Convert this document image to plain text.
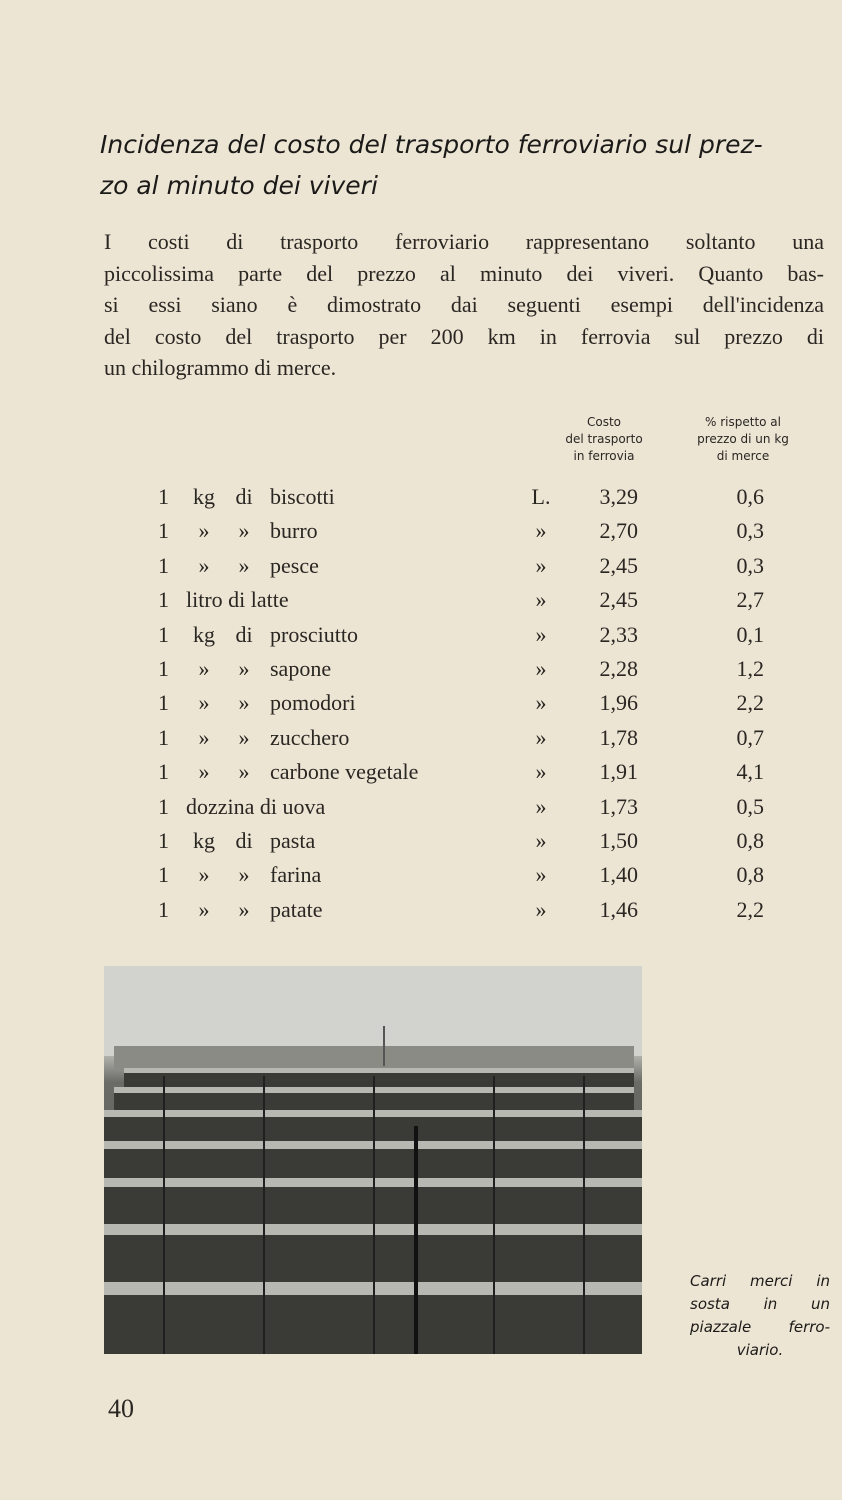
Incidenza del costo del trasporto ferroviario sul prez-
zo al minuto dei viveri

I costi di trasporto ferroviario rappresentano soltanto una
piccolissima parte del prezzo al minuto dei viveri. Quanto bas-
si essi siano è dimostrato dai seguenti esempi dell'incidenza
del costo del trasporto per 200 km in ferrovia sul prezzo di
un chilogrammo di merce.

Costo
del trasporto
in ferrovia
% rispetto al
prezzo di un kg
di merce
1	kg di biscotti	L. 3,29	0,6
1	»	» burro	»	2,70	0,3
1	»	» pesce	»	2,45	0,3
1 litro di latte	»	2,45	2,7
1	kg di prosciutto	»	2,33	0,1
1	»	» sapone	»	2,28	1,2
1	»	» pomodori	»	1,96	2,2
1	»	» zucchero	»	1,78	0,7
1	»	» carbone vegetale	»	1,91	4,1
1 dozzina di uova	»	1,73	0,5
1	kg di pasta	»	1,50	0,8
1	»	» farina	»	1,40	0,8
1	»	» patate	»	1,46	2,2
Carri merci in
sosta in un
piazzale ferro-
viario.
40
